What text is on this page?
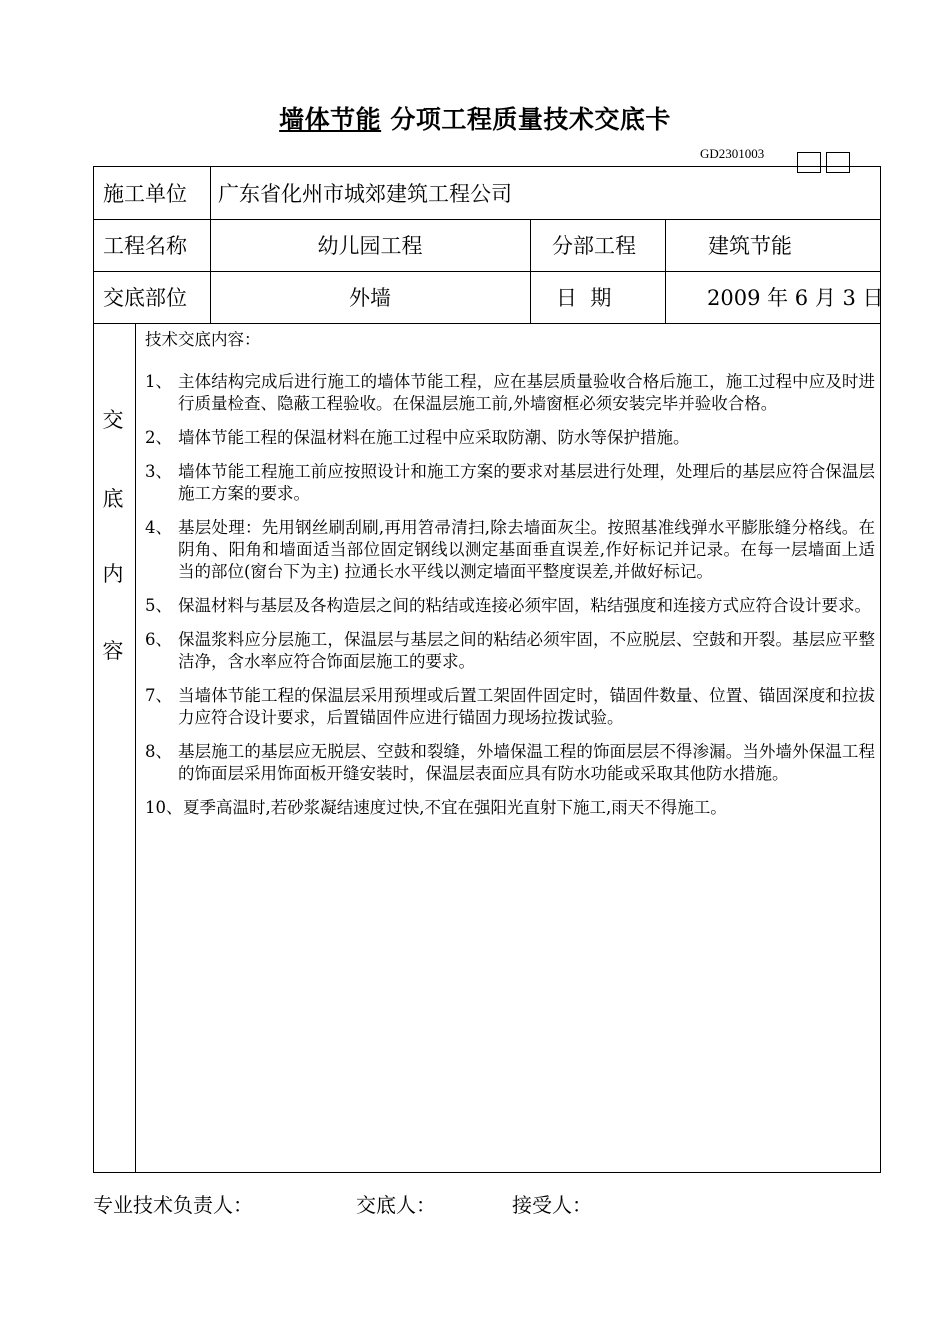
墙体节能 分项工程质量技术交底卡
GD2301003
施工单位 广东省化州市城郊建筑工程公司
工程名称	幼儿园工程	分部工程	建筑节能
交底部位	外墙	日  期	2009 年 6 月 3 日
交
底
内
容
技术交底内容：
1、 主体结构完成后进行施工的墙体节能工程，应在基层质量验收合格后施工，施工过程中应及时进行质量检查、隐蔽工程验收。在保温层施工前,外墙窗框必须安装完毕并验收合格。
2、 墙体节能工程的保温材料在施工过程中应采取防潮、防水等保护措施。
3、 墙体节能工程施工前应按照设计和施工方案的要求对基层进行处理，处理后的基层应符合保温层施工方案的要求。
4、 基层处理：先用钢丝刷刮刷,再用笤帚清扫,除去墙面灰尘。按照基准线弹水平膨胀缝分格线。在阴角、阳角和墙面适当部位固定钢线以测定基面垂直误差,作好标记并记录。在每一层墙面上适当的部位(窗台下为主) 拉通长水平线以测定墙面平整度误差,并做好标记。
5、 保温材料与基层及各构造层之间的粘结或连接必须牢固，粘结强度和连接方式应符合设计要求。
6、 保温浆料应分层施工，保温层与基层之间的粘结必须牢固，不应脱层、空鼓和开裂。基层应平整洁净，含水率应符合饰面层施工的要求。
7、 当墙体节能工程的保温层采用预埋或后置工架固件固定时，锚固件数量、位置、锚固深度和拉拔力应符合设计要求，后置锚固件应进行锚固力现场拉拨试验。
8、 基层施工的基层应无脱层、空鼓和裂缝，外墙保温工程的饰面层层不得渗漏。当外墙外保温工程的饰面层采用饰面板开缝安装时，保温层表面应具有防水功能或采取其他防水措施。
10、 夏季高温时,若砂浆凝结速度过快,不宜在强阳光直射下施工,雨天不得施工。
专业技术负责人：	交底人：	接受人：
